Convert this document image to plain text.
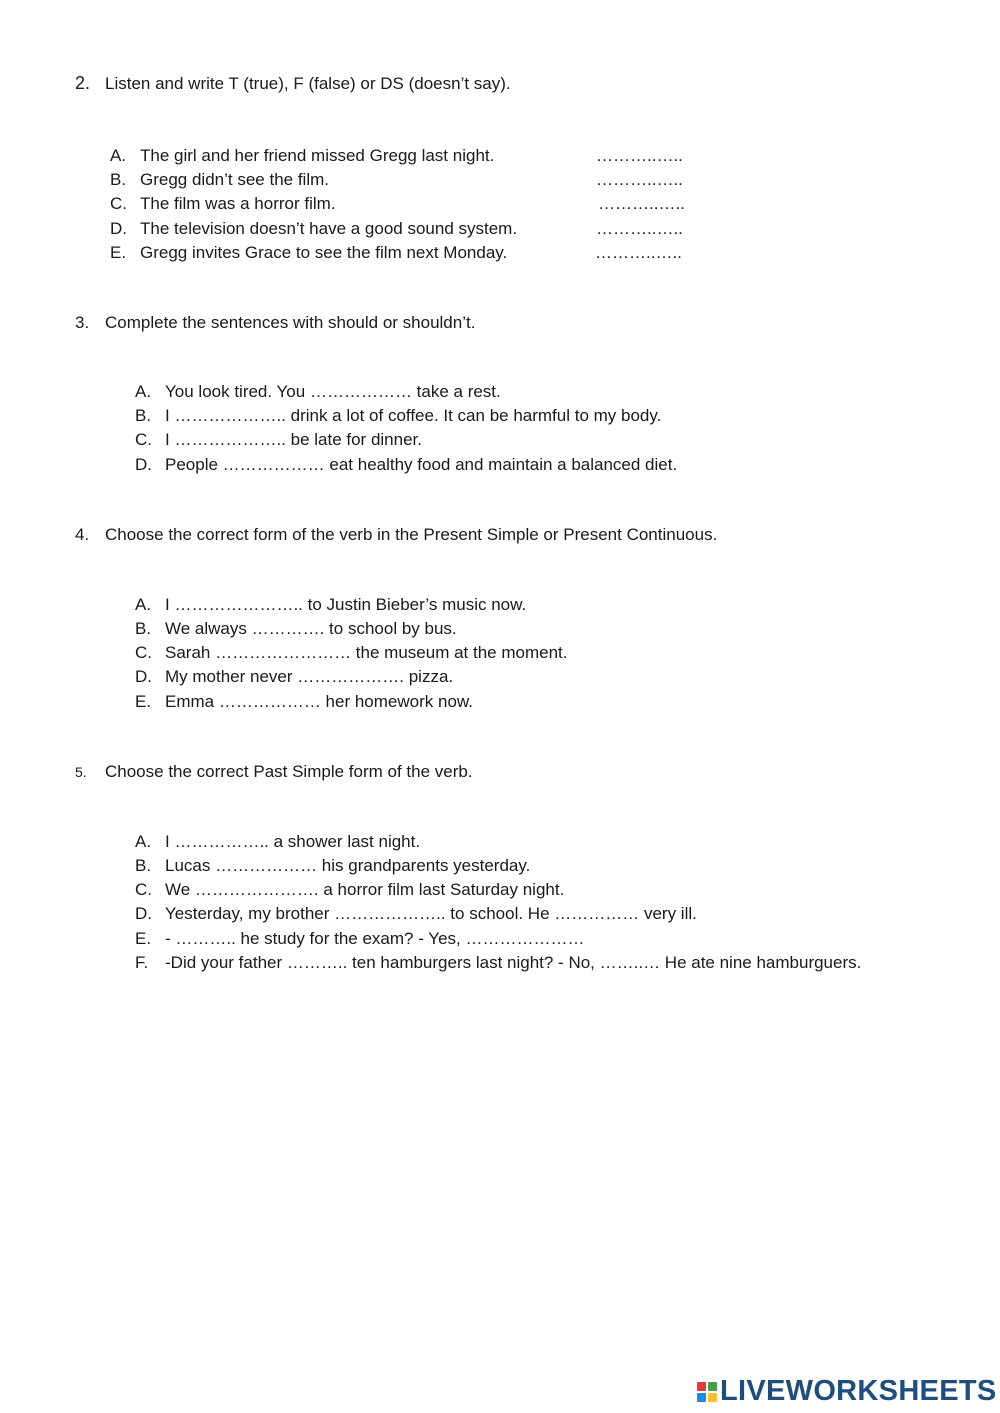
2. Listen and write T (true), F (false) or DS (doesn’t say).
A. The girl and her friend missed Gregg last night.	………..…..
B. Gregg didn’t see the film.	………..…..
C. The film was a horror film.	………..…..
D. The television doesn’t have a good sound system.	………..…..
E. Gregg invites Grace to see the film next Monday.	………..…..
3. Complete the sentences with should or shouldn’t.
A. You look tired. You ……………… take a rest.
B. I ……………….. drink a lot of coffee. It can be harmful to my body.
C. I ……………….. be late for dinner.
D. People ……………… eat healthy food and maintain a balanced diet.
4. Choose the correct form of the verb in the Present Simple or Present Continuous.
A. I ………………….. to Justin Bieber’s music now.
B. We always …………. to school by bus.
C. Sarah …………………… the museum at the moment.
D. My mother never ………………. pizza.
E. Emma ……………… her homework now.
5. Choose the correct Past Simple form of the verb.
A. I …………….. a shower last night.
B. Lucas ……………… his grandparents yesterday.
C. We …………………. a horror film last Saturday night.
D. Yesterday, my brother ……………….. to school. He …………… very ill.
E. - ……….. he study for the exam? - Yes, …………………
F. -Did your father ……….. ten hamburgers last night? - No, ……..… He ate nine hamburguers.
LIVEWORKSHEETS
